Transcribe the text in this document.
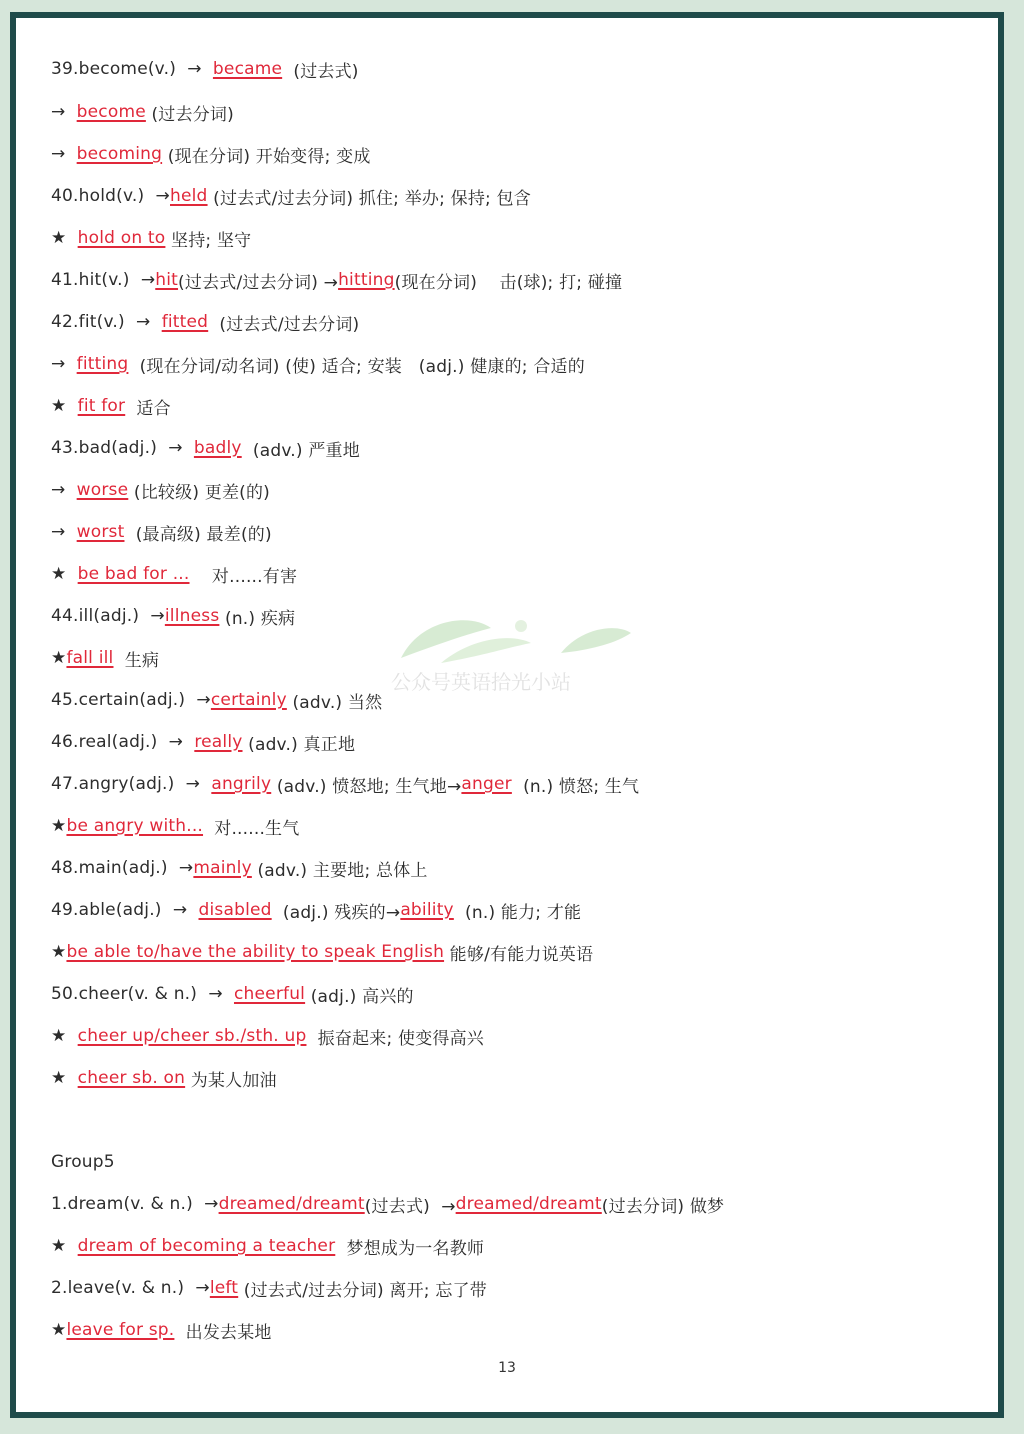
39.become(v.)  → became (过去式)
→ become (过去分词)
→ becoming (现在分词) 开始变得; 变成
40.hold(v.)  → held (过去式/过去分词) 抓住; 举办; 保持; 包含
★ hold on to 坚持; 坚守
41.hit(v.)  → hit (过去式/过去分词) → hitting (现在分词)    击(球); 打; 碰撞
42.fit(v.)  → fitted (过去式/过去分词)
→ fitting (现在分词/动名词) (使) 适合; 安装   (adj.) 健康的; 合适的
★ fit for 适合
43.bad(adj.)  → badly (adv.) 严重地
→ worse (比较级) 更差(的)
→ worst (最高级) 最差(的)
★ be bad for ... 对......有害
44.ill(adj.)  → illness (n.) 疾病
★ fall ill 生病
45.certain(adj.)  → certainly (adv.) 当然
46.real(adj.)  → really (adv.) 真正地
47.angry(adj.)  → angrily (adv.) 愤怒地; 生气地→ anger (n.) 愤怒; 生气
★ be angry with... 对......生气
48.main(adj.)  → mainly (adv.) 主要地; 总体上
49.able(adj.)  → disabled (adj.) 残疾的→ ability (n.) 能力; 才能
★ be able to/have the ability to speak English 能够/有能力说英语
50.cheer(v. & n.)  → cheerful (adj.) 高兴的
★ cheer up/cheer sb./sth. up 振奋起来; 使变得高兴
★ cheer sb. on 为某人加油
Group5
1.dream(v. & n.)  → dreamed/dreamt (过去式)  → dreamed/dreamt (过去分词) 做梦
★ dream of becoming a teacher 梦想成为一名教师
2.leave(v. & n.)  → left (过去式/过去分词) 离开; 忘了带
★ leave for sp. 出发去某地
公众号英语拾光小站
13
